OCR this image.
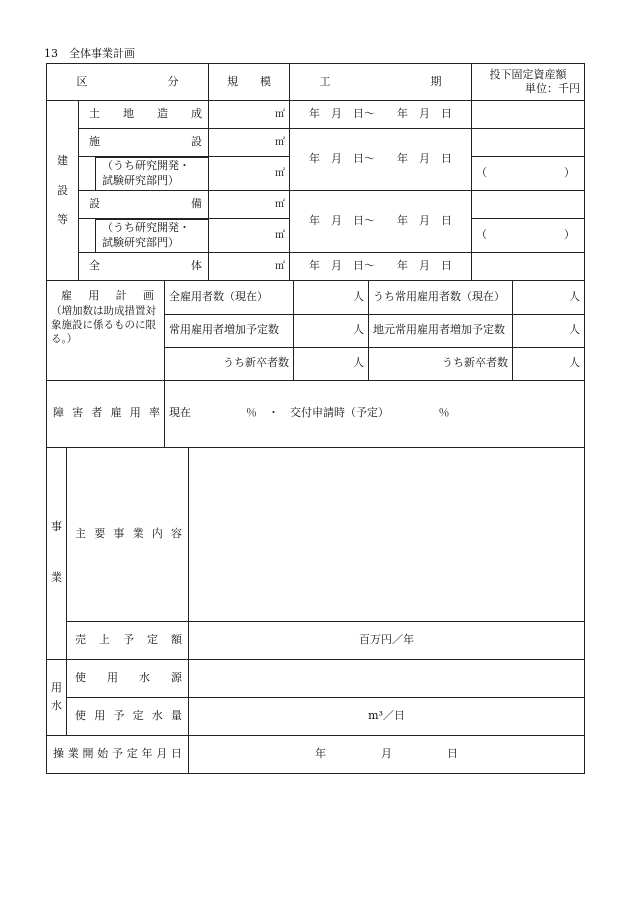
13　全体事業計画
区 分		規 模	工 期	投下固定資産額
単位：千円

建設等	土地造成	㎡	年　月　日～　　年　月　日	
	施設	㎡	年　月　日～　　年　月　日	

	（うち研究開発・
試験研究部門）	㎡		（　　　　　　　）
	設備	㎡	年　月　日～　　年　月　日	

	（うち研究開発・
試験研究部門）	㎡		（　　　　　　　）
	全体	㎡	年　月　日～　　年　月　日	
雇用計画
（増加数は助成措置対象施設に係るものに限る。）	全雇用者数（現在）	人	うち常用雇用者数（現在）	人
	常用雇用者増加予定数	人	地元常用雇用者増加予定数	人
	うち新卒者数	人	うち新卒者数	人
障害者雇用率	現在　　　　　％　・　交付申請時（予定）　　　　　％
事
業	主要事業内容	
	売上予定額	百万円／年

用水	使用水源	
	使用予定水量	m³／日
操業開始予定年月日		年　　　　　月　　　　　日
